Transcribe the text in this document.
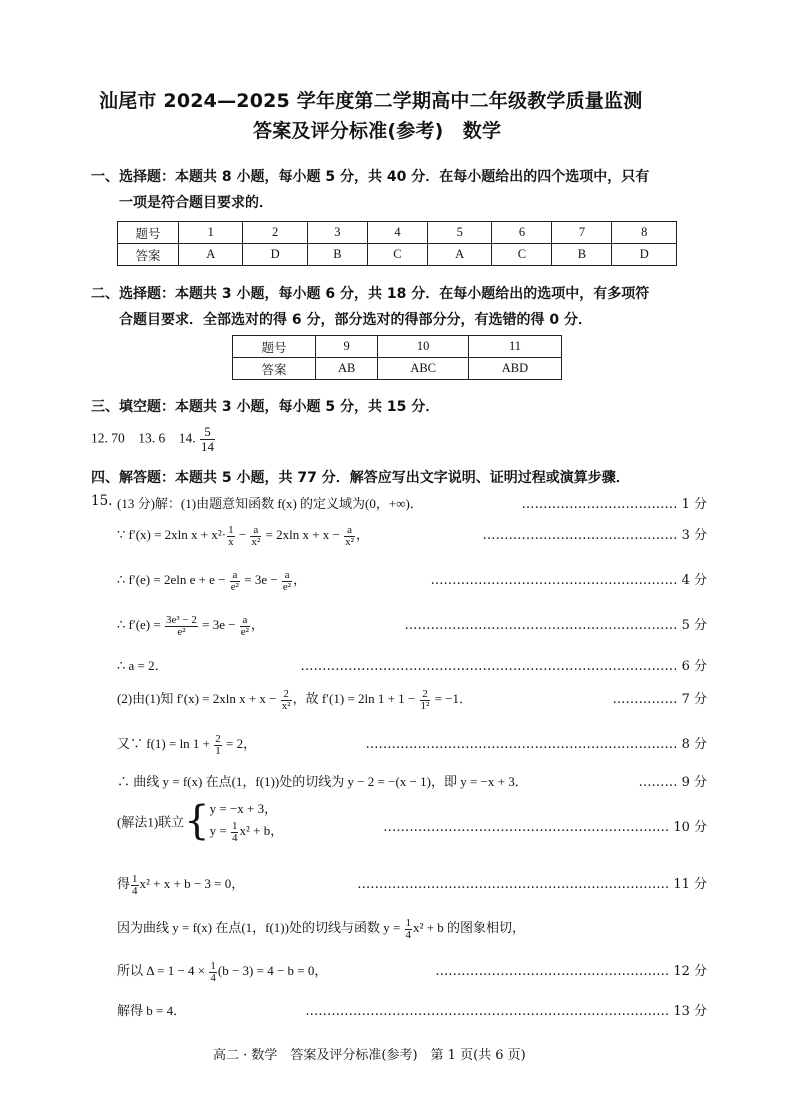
汕尾市 2024—2025 学年度第二学期高中二年级教学质量监测
答案及评分标准(参考)　数学
一、选择题：本题共 8 小题，每小题 5 分，共 40 分．在每小题给出的四个选项中，只有
一项是符合题目要求的．
题号	1	2	3	4	5	6	7	8
答案	A	D	B	C	A	C	B	D
二、选择题：本题共 3 小题，每小题 6 分，共 18 分．在每小题给出的选项中，有多项符
合题目要求．全部选对的得 6 分，部分选对的得部分分，有选错的得 0 分．
题号	9	10	11
答案	AB	ABC	ABD
三、填空题：本题共 3 小题，每小题 5 分，共 15 分．
12. 70　13. 6　14. $\frac{5}{14}$
四、解答题：本题共 5 小题，共 77 分．解答应写出文字说明、证明过程或演算步骤．
15. (13 分)解：(1)由题意知函数 f(x) 的定义域为(0，+∞)．	……………………………… 1 分
∵ f′(x) = 2xln $x + x^2\cdot \frac{1}{x} - \frac{a}{\text{x²}} = 2xln$ $x + x - \frac{a}{\text{x²}}$ ，	……………………………………… 3 分
∴ f′(e) = 2eln $e + e - \frac{a}{\text{e²}} = 3e - \frac{a}{\text{e²}}$ ，	………………………………………………… 4 分
∴ $f'(e) = \frac{\text{3e³ − 2}}{\text{e²}} = 3e - \frac{a}{\text{e²}}$ ，	……………………………………………………… 5 分
∴ a = 2．	…………………………………………………………………………… 6 分
(2)由(1)知 f′(x) = 2xln $x + x - \frac{2}{\text{x²}}$ ，故 f′(1) = 2ln $1 + 1 - \frac{2}{\text{1²}} = -1$．	…………… 7 分
又∵ $f(1) = \ln 1 + \frac{2}{1} = 2$，	……………………………………………………………… 8 分
∴ 曲线 y = f(x) 在点(1，f(1))处的切线为 y − 2 = −(x − 1)，即 y = −x + 3．	……… 9 分
(解法1)联立{ y = −x + 3，
$y = \frac{1}{4} x^2 + b$，	………………………………………………………… 10 分
得 $\frac{1}{4} x^2 + x + b - 3 = 0$，	……………………………………………………………… 11 分
因为曲线 y = f(x) 在点(1，f(1))处的切线与函数 $y = \frac{1}{4} x^2 + b$ 的图象相切，
所以 $\Delta = 1 - 4 \times \frac{1}{4} (b - 3) = 4 - b = 0$，	……………………………………………… 12 分
解得 b = 4．	………………………………………………………………………… 13 分
高二 · 数学　答案及评分标准(参考)　第 1 页(共 6 页)
